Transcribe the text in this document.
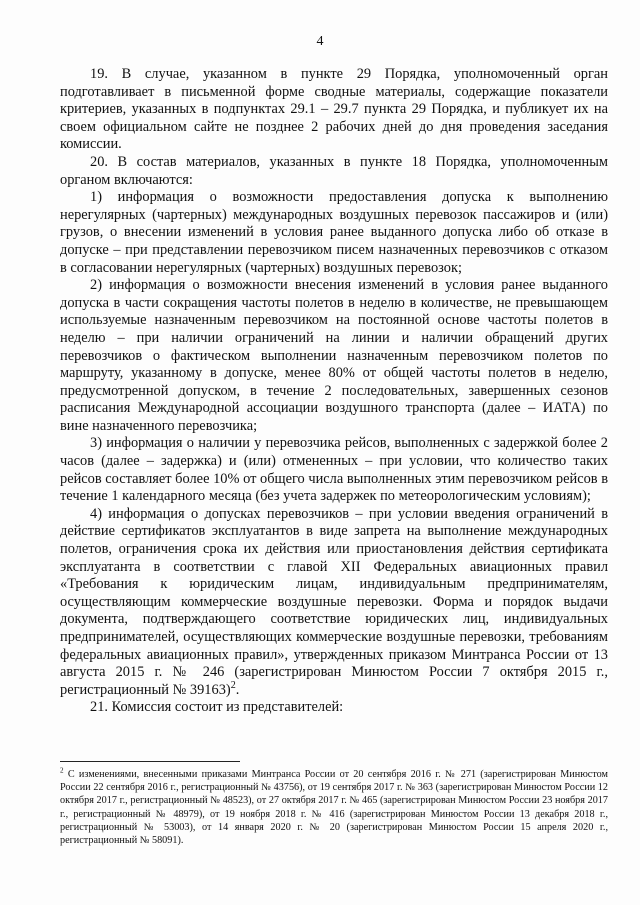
4

19. В случае, указанном в пункте 29 Порядка, уполномоченный орган подготавливает в письменной форме сводные материалы, содержащие показатели критериев, указанных в подпунктах 29.1 – 29.7 пункта 29 Порядка, и публикует их на своем официальном сайте не позднее 2 рабочих дней до дня проведения заседания комиссии.

20. В состав материалов, указанных в пункте 18 Порядка, уполномоченным органом включаются:

1) информация о возможности предоставления допуска к выполнению нерегулярных (чартерных) международных воздушных перевозок пассажиров и (или) грузов, о внесении изменений в условия ранее выданного допуска либо об отказе в допуске – при представлении перевозчиком писем назначенных перевозчиков с отказом в согласовании нерегулярных (чартерных) воздушных перевозок;

2) информация о возможности внесения изменений в условия ранее выданного допуска в части сокращения частоты полетов в неделю в количестве, не превышающем используемые назначенным перевозчиком на постоянной основе частоты полетов в неделю – при наличии ограничений на линии и наличии обращений других перевозчиков о фактическом выполнении назначенным перевозчиком полетов по маршруту, указанному в допуске, менее 80% от общей частоты полетов в неделю, предусмотренной допуском, в течение 2 последовательных, завершенных сезонов расписания Международной ассоциации воздушного транспорта (далее – ИАТА) по вине назначенного перевозчика;

3) информация о наличии у перевозчика рейсов, выполненных с задержкой более 2 часов (далее – задержка) и (или) отмененных – при условии, что количество таких рейсов составляет более 10% от общего числа выполненных этим перевозчиком рейсов в течение 1 календарного месяца (без учета задержек по метеорологическим условиям);

4) информация о допусках перевозчиков – при условии введения ограничений в действие сертификатов эксплуатантов в виде запрета на выполнение международных полетов, ограничения срока их действия или приостановления действия сертификата эксплуатанта в соответствии с главой XII Федеральных авиационных правил «Требования к юридическим лицам, индивидуальным предпринимателям, осуществляющим коммерческие воздушные перевозки. Форма и порядок выдачи документа, подтверждающего соответствие юридических лиц, индивидуальных предпринимателей, осуществляющих коммерческие воздушные перевозки, требованиям федеральных авиационных правил», утвержденных приказом Минтранса России от 13 августа 2015 г. № 246 (зарегистрирован Минюстом России 7 октября 2015 г., регистрационный № 39163)$^2$.

21. Комиссия состоит из представителей:

$^2$ С изменениями, внесенными приказами Минтранса России от 20 сентября 2016 г. № 271 (зарегистрирован Минюстом России 22 сентября 2016 г., регистрационный № 43756), от 19 сентября 2017 г. № 363 (зарегистрирован Минюстом России 12 октября 2017 г., регистрационный № 48523), от 27 октября 2017 г. № 465 (зарегистрирован Минюстом России 23 ноября 2017 г., регистрационный № 48979), от 19 ноября 2018 г. № 416 (зарегистрирован Минюстом России 13 декабря 2018 г., регистрационный № 53003), от 14 января 2020 г. № 20 (зарегистрирован Минюстом России 15 апреля 2020 г., регистрационный № 58091).
